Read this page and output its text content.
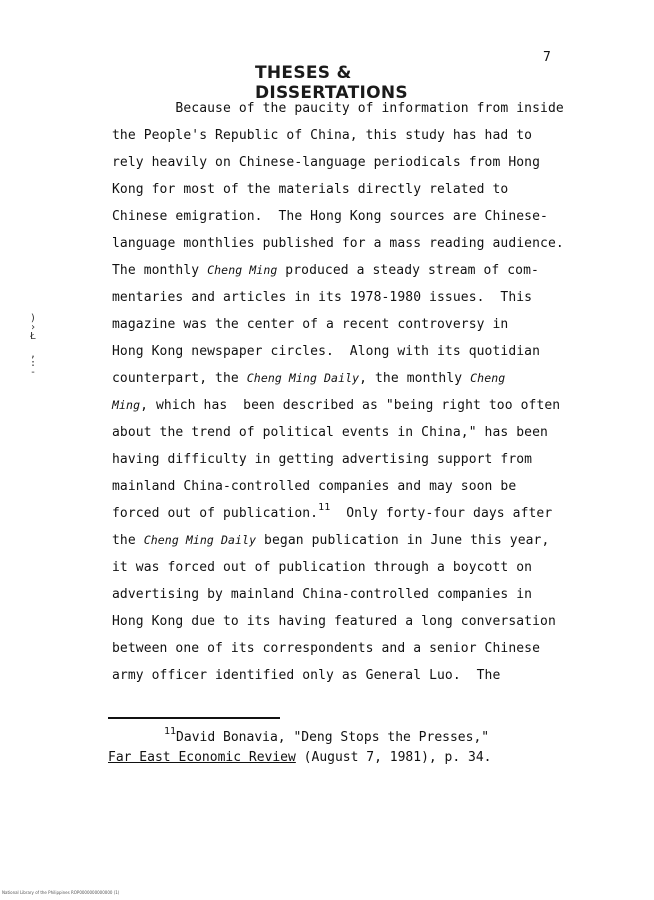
7
THESES & DISSERTATIONS
)
›
Ł

,
:
-
Because of the paucity of information from inside
the People's Republic of China, this study has had to
rely heavily on Chinese-language periodicals from Hong
Kong for most of the materials directly related to
Chinese emigration.  The Hong Kong sources are Chinese-
language monthlies published for a mass reading audience.
The monthly Cheng Ming produced a steady stream of com-
mentaries and articles in its 1978-1980 issues.  This
magazine was the center of a recent controversy in
Hong Kong newspaper circles.  Along with its quotidian
counterpart, the Cheng Ming Daily, the monthly Cheng
Ming, which has  been described as "being right too often
about the trend of political events in China," has been
having difficulty in getting advertising support from
mainland China-controlled companies and may soon be
forced out of publication.$^{11}$  Only forty-four days after
the Cheng Ming Daily began publication in June this year,
it was forced out of publication through a boycott on
advertising by mainland China-controlled companies in
Hong Kong due to its having featured a long conversation
between one of its correspondents and a senior Chinese
army officer identified only as General Luo.  The
$^{11}$David Bonavia, "Deng Stops the Presses,"
Far East Economic Review (August 7, 1981), p. 34.
National Library of the Philippines ROP0000000000000 (1)
